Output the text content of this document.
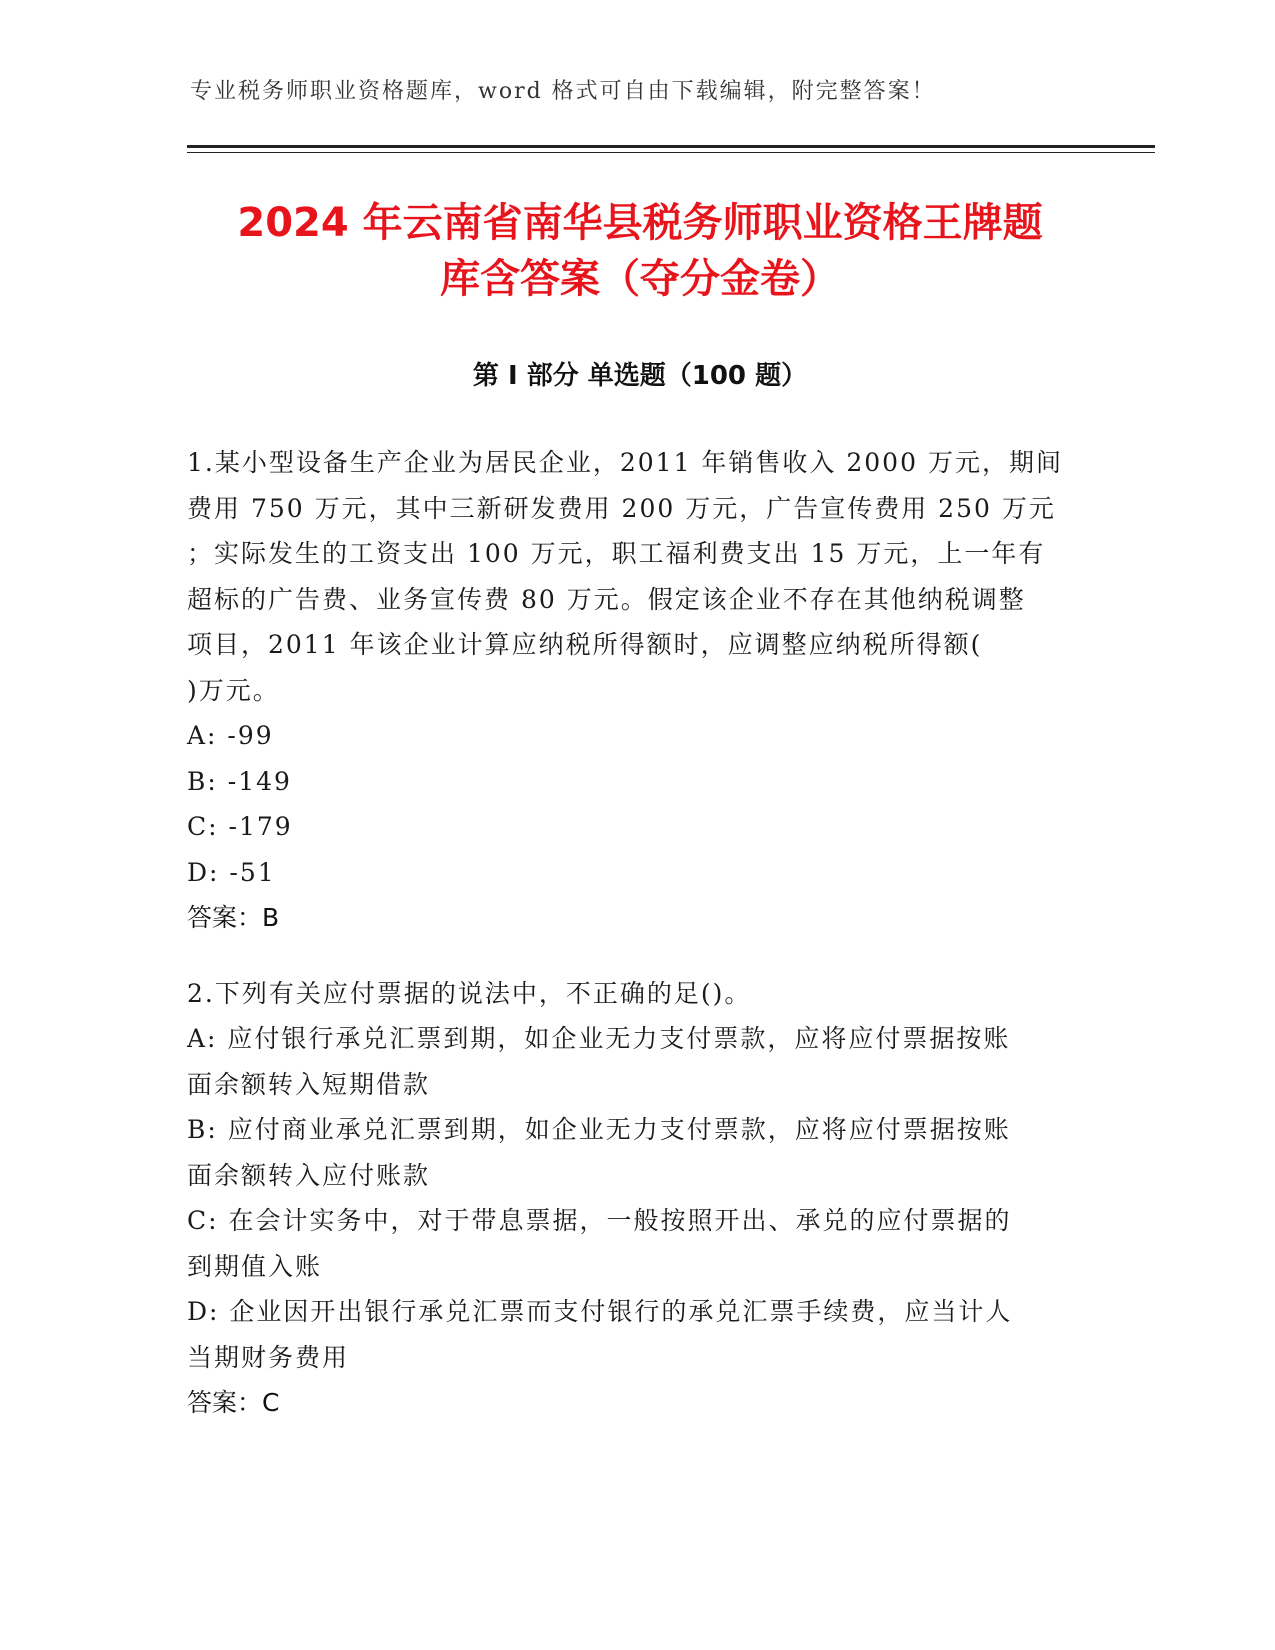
专业税务师职业资格题库，word 格式可自由下载编辑，附完整答案！
2024 年云南省南华县税务师职业资格王牌题
库含答案（夺分金卷）
第 I 部分 单选题（100 题）
1.某小型设备生产企业为居民企业，2011 年销售收入 2000 万元，期间
费用 750 万元，其中三新研发费用 200 万元，广告宣传费用 250 万元
；实际发生的工资支出 100 万元，职工福利费支出 15 万元，上一年有
超标的广告费、业务宣传费 80 万元。假定该企业不存在其他纳税调整
项目，2011 年该企业计算应纳税所得额时，应调整应纳税所得额(
)万元。
A: -99
B: -149
C: -179
D: -51
答案：B
2.下列有关应付票据的说法中，不正确的足()。
A: 应付银行承兑汇票到期，如企业无力支付票款，应将应付票据按账
面余额转入短期借款
B: 应付商业承兑汇票到期，如企业无力支付票款，应将应付票据按账
面余额转入应付账款
C: 在会计实务中，对于带息票据，一般按照开出、承兑的应付票据的
到期值入账
D: 企业因开出银行承兑汇票而支付银行的承兑汇票手续费，应当计人
当期财务费用
答案：C
